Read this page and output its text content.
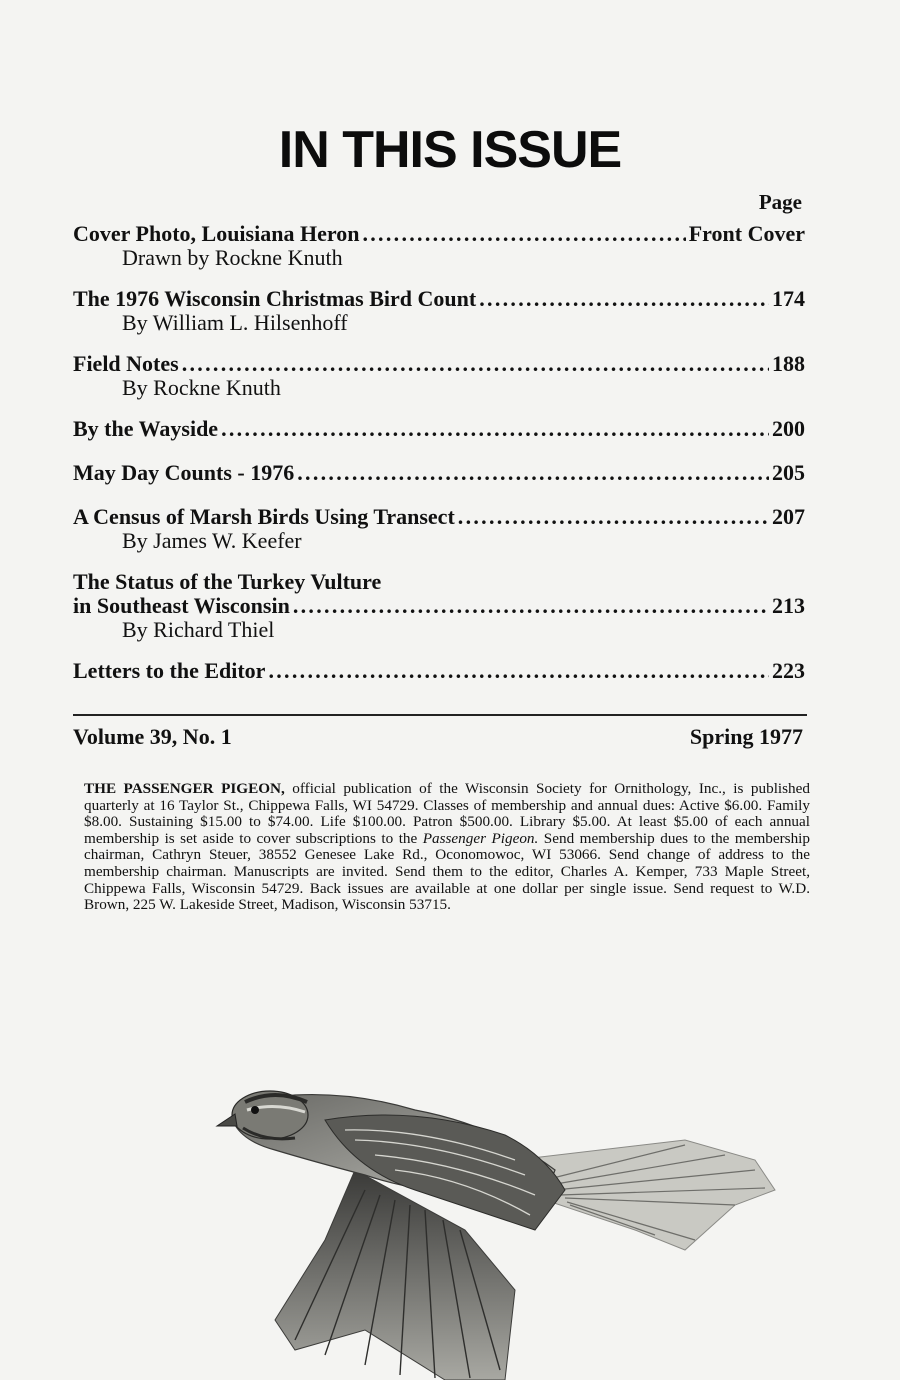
IN THIS ISSUE
Page
Cover Photo, Louisiana Heron . . .	Front Cover
Drawn by Rockne Knuth
The 1976 Wisconsin Christmas Bird Count . . .	174
By William L. Hilsenhoff
Field Notes . . .	188
By Rockne Knuth
By the Wayside . . .	200
May Day Counts - 1976 . . .	205
A Census of Marsh Birds Using Transect . . .	207
By James W. Keefer
The Status of the Turkey Vulture
in Southeast Wisconsin . . .	213
By Richard Thiel
Letters to the Editor . . .	223
Volume 39, No. 1	Spring 1977
THE PASSENGER PIGEON, official publication of the Wisconsin Society for Ornithology, Inc., is published quarterly at 16 Taylor St., Chippewa Falls, WI 54729. Classes of membership and annual dues: Active $6.00. Family $8.00. Sustaining $15.00 to $74.00. Life $100.00. Patron $500.00. Library $5.00. At least $5.00 of each annual membership is set aside to cover subscriptions to the Passenger Pigeon. Send membership dues to the membership chairman, Cathryn Steuer, 38552 Genesee Lake Rd., Oconomowoc, WI 53066. Send change of address to the membership chairman. Manuscripts are invited. Send them to the editor, Charles A. Kemper, 733 Maple Street, Chippewa Falls, Wisconsin 54729. Back issues are available at one dollar per single issue. Send request to W.D. Brown, 225 W. Lakeside Street, Madison, Wisconsin 53715.
